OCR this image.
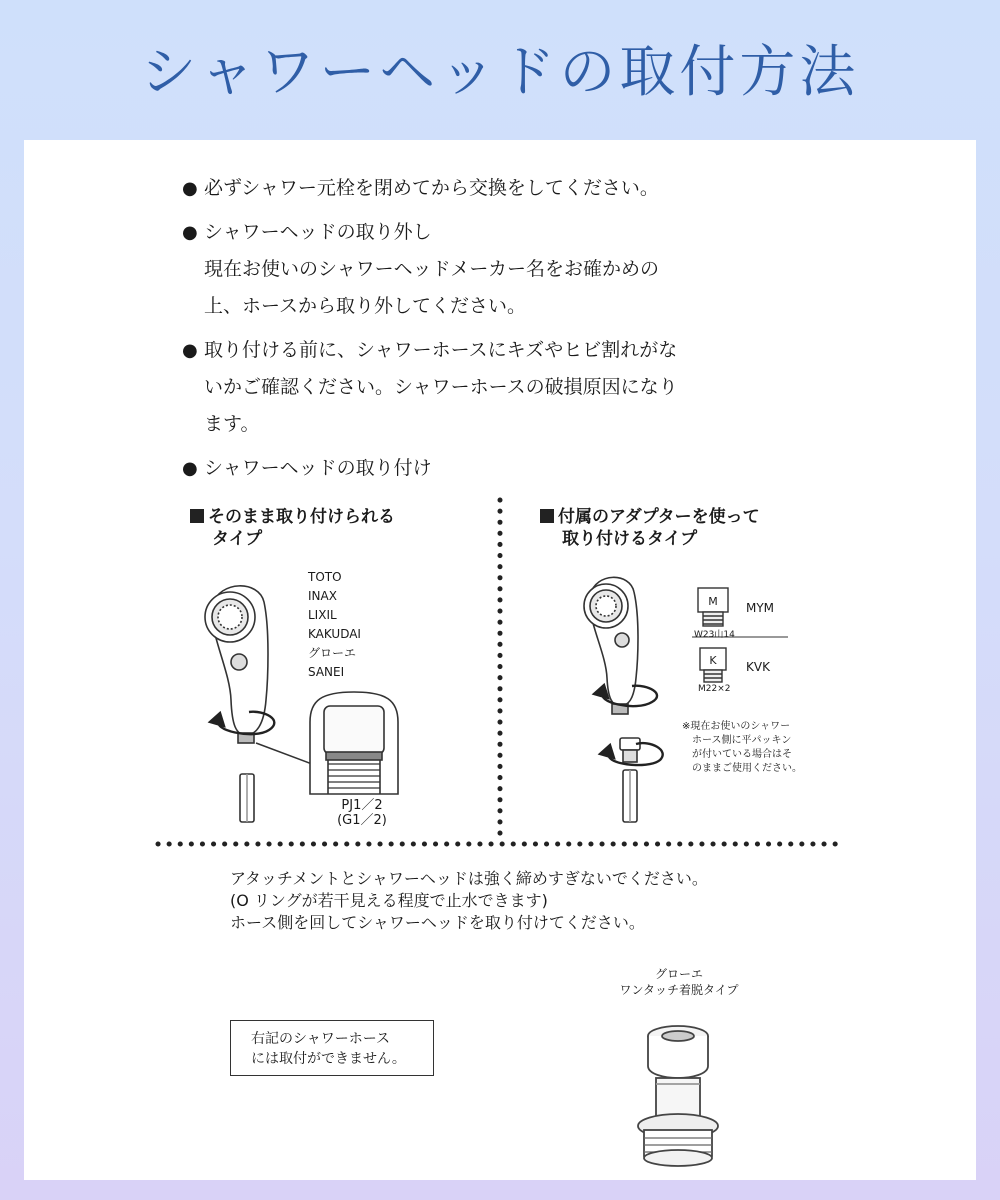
シャワーヘッドの取付方法
● 必ずシャワー元栓を閉めてから交換をしてください。
● シャワーヘッドの取り外し
現在お使いのシャワーヘッドメーカー名をお確かめの
上、ホースから取り外してください。
● 取り付ける前に、シャワーホースにキズやヒビ割れがな
いかご確認ください。シャワーホースの破損原因になり
ます。
● シャワーヘッドの取り付け
M
K
そのまま取り付けられる
タイプ
TOTO
INAX
LIXIL
KAKUDAI
グローエ
SANEI
PJ1／2
(G1／2)
付属のアダプターを使って
取り付けるタイプ
MYM
W23山14
KVK
M22×2
※現在お使いのシャワー
　ホース側に平パッキン
　が付いている場合はそ
　のままご使用ください。
アタッチメントとシャワーヘッドは強く締めすぎないでください。
(O リングが若干見える程度で止水できます)
ホース側を回してシャワーヘッドを取り付けてください。
右記のシャワーホース
には取付ができません。
グローエ
ワンタッチ着脱タイプ
